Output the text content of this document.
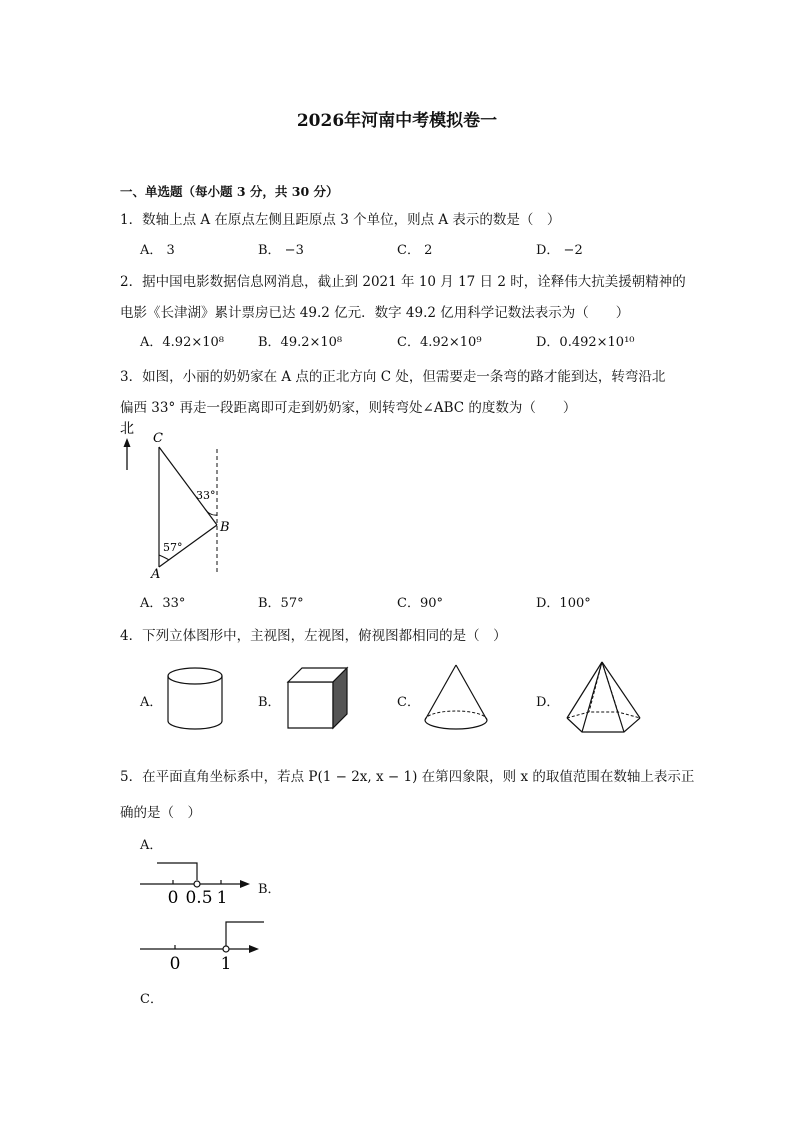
2026年河南中考模拟卷一
一、单选题（每小题 3 分，共 30 分）
1．数轴上点 A 在原点左侧且距原点 3 个单位，则点 A 表示的数是（　）
A． 3	B． −3	C． 2	D． −2
2．据中国电影数据信息网消息，截止到 2021 年 10 月 17 日 2 时，诠释伟大抗美援朝精神的
电影《长津湖》累计票房已达 49.2 亿元．数字 49.2 亿用科学记数法表示为（　　）
A．4.92×10⁸	B．49.2×10⁸	C．4.92×10⁹	D．0.492×10¹⁰
3．如图，小丽的奶奶家在 A 点的正北方向 C 处，但需要走一条弯的路才能到达，转弯沿北
偏西 33° 再走一段距离即可走到奶奶家，则转弯处∠ABC 的度数为（　　）
北
C
B
A
33°
57°
A．33°	B．57°	C．90°	D．100°
4．下列立体图形中，主视图，左视图，俯视图都相同的是（　）
A．	B．	C．	D．
5．在平面直角坐标系中，若点 P(1 − 2x, x − 1) 在第四象限，则 x 的取值范围在数轴上表示正
确的是（　）
A．
0 0.5 1 B．
0 1
C．
